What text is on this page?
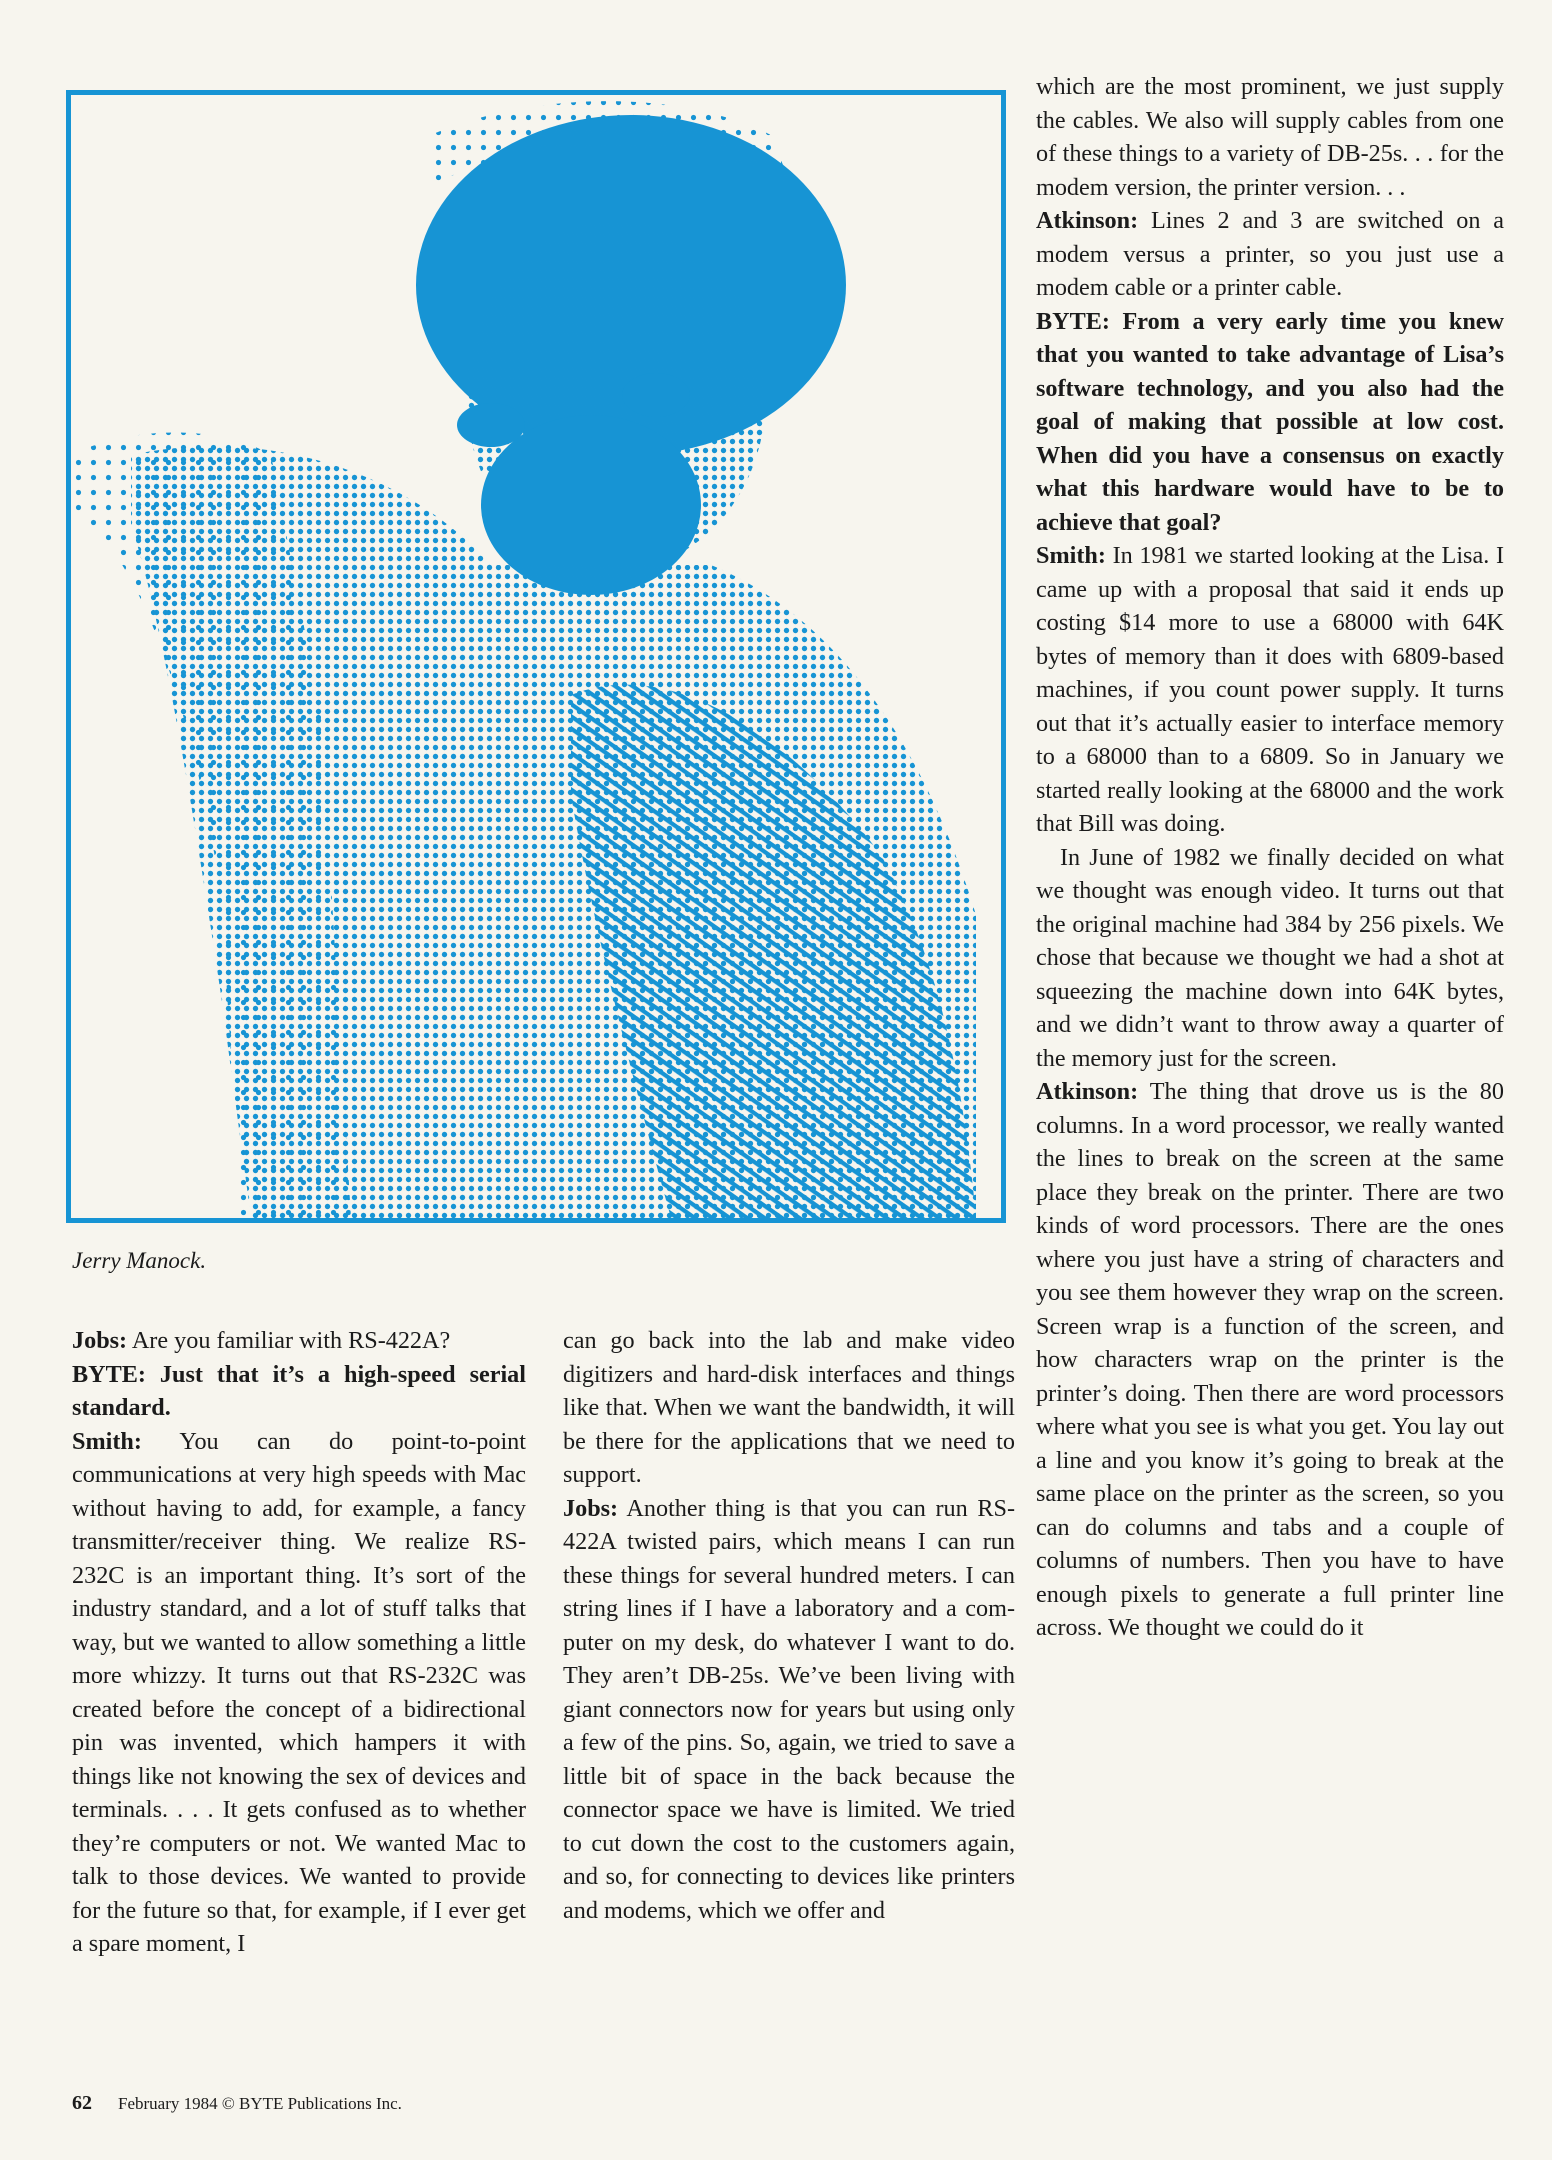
Jerry Manock.

Jobs: Are you familiar with RS-422A?

BYTE: Just that it’s a high-speed serial standard.

Smith: You can do point-to-point communications at very high speeds with Mac without having to add, for example, a fancy transmitter/receiver thing. We realize RS-232C is an important thing. It’s sort of the industry standard, and a lot of stuff talks that way, but we wanted to allow something a little more whizzy. It turns out that RS-232C was created before the concept of a bidirectional pin was invented, which hampers it with things like not knowing the sex of devices and terminals. . . . It gets confused as to whether they’re computers or not. We wanted Mac to talk to those devices. We wanted to provide for the future so that, for example, if I ever get a spare moment, I

can go back into the lab and make video digitizers and hard-disk interfaces and things like that. When we want the bandwidth, it will be there for the applications that we need to support.

Jobs: Another thing is that you can run RS-422A twisted pairs, which means I can run these things for several hundred meters. I can string lines if I have a laboratory and a computer on my desk, do whatever I want to do. They aren’t DB-25s. We’ve been living with giant connectors now for years but using only a few of the pins. So, again, we tried to save a little bit of space in the back because the connector space we have is limited. We tried to cut down the cost to the customers again, and so, for connecting to devices like printers and modems, which we offer and

which are the most prominent, we just supply the cables. We also will supply cables from one of these things to a variety of DB-25s. . . for the modem version, the printer version. . .

Atkinson: Lines 2 and 3 are switched on a modem versus a printer, so you just use a modem cable or a printer cable.

BYTE: From a very early time you knew that you wanted to take advantage of Lisa’s software technology, and you also had the goal of making that possible at low cost. When did you have a consensus on exactly what this hardware would have to be to achieve that goal?

Smith: In 1981 we started looking at the Lisa. I came up with a proposal that said it ends up costing $14 more to use a 68000 with 64K bytes of memory than it does with 6809-based machines, if you count power supply. It turns out that it’s actually easier to interface memory to a 68000 than to a 6809. So in January we started really looking at the 68000 and the work that Bill was doing.

In June of 1982 we finally decided on what we thought was enough video. It turns out that the original machine had 384 by 256 pixels. We chose that because we thought we had a shot at squeezing the machine down into 64K bytes, and we didn’t want to throw away a quarter of the memory just for the screen.

Atkinson: The thing that drove us is the 80 columns. In a word processor, we really wanted the lines to break on the screen at the same place they break on the printer. There are two kinds of word processors. There are the ones where you just have a string of characters and you see them however they wrap on the screen. Screen wrap is a function of the screen, and how characters wrap on the printer is the printer’s doing. Then there are word processors where what you see is what you get. You lay out a line and you know it’s going to break at the same place on the printer as the screen, so you can do columns and tabs and a couple of columns of numbers. Then you have to have enough pixels to generate a full printer line across. We thought we could do it

62 February 1984 © BYTE Publications Inc.
